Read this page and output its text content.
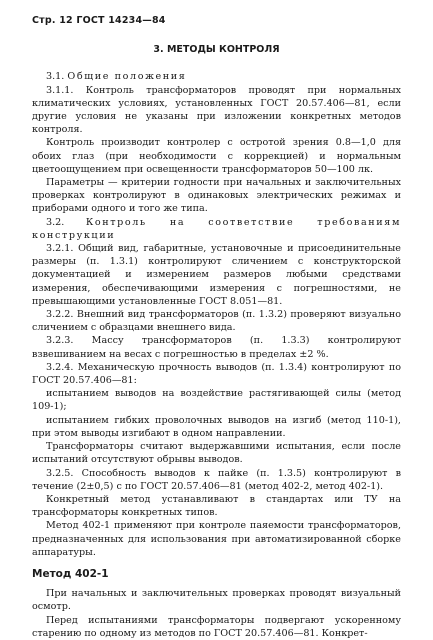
Стр. 12 ГОСТ 14234—84
3. МЕТОДЫ КОНТРОЛЯ

3.1. Общие положения

3.1.1. Контроль трансформаторов проводят при нормальных климатических условиях, установленных ГОСТ 20.57.406—81, если другие условия не указаны при изложении конкретных методов контроля.

Контроль производит контролер с остротой зрения 0.8—1,0 для обоих глаз (при необходимости с коррекцией) и нормальным цветоощущением при освещенности трансформаторов 50—100 лк.

Параметры — критерии годности при начальных и заключительных проверках контролируют в одинаковых электрических режимах и приборами одного и того же типа.

3.2. Контроль на соответствие требованиям конструкции

3.2.1. Общий вид, габаритные, установочные и присоединительные размеры (п. 1.3.1) контролируют сличением с конструкторской документацией и измерением размеров любыми средствами измерения, обеспечивающими измерения с погрешностями, не превышающими установленные ГОСТ 8.051—81.

3.2.2. Внешний вид трансформаторов (п. 1.3.2) проверяют визуально сличением с образцами внешнего вида.

3.2.3. Массу трансформаторов (п. 1.3.3) контролируют взвешиванием на весах с погрешностью в пределах ±2 %.

3.2.4. Механическую прочность выводов (п. 1.3.4) контролируют по ГОСТ 20.57.406—81:

испытанием выводов на воздействие растягивающей силы (метод 109-1);

испытанием гибких проволочных выводов на изгиб (метод 110-1), при этом выводы изгибают в одном направлении.

Трансформаторы считают выдержавшими испытания, если после испытаний отсутствуют обрывы выводов.

3.2.5. Способность выводов к пайке (п. 1.3.5) контролируют в течение (2±0,5) с по ГОСТ 20.57.406—81 (метод 402-2, метод 402-1).

Конкретный метод устанавливают в стандартах или ТУ на трансформаторы конкретных типов.

Метод 402-1 применяют при контроле паяемости трансформаторов, предназначенных для использования при автоматизированной сборке аппаратуры.

Метод 402-1

При начальных и заключительных проверках проводят визуальный осмотр.

Перед испытаниями трансформаторы подвергают ускоренному старению по одному из методов по ГОСТ 20.57.406—81. Конкрет-
